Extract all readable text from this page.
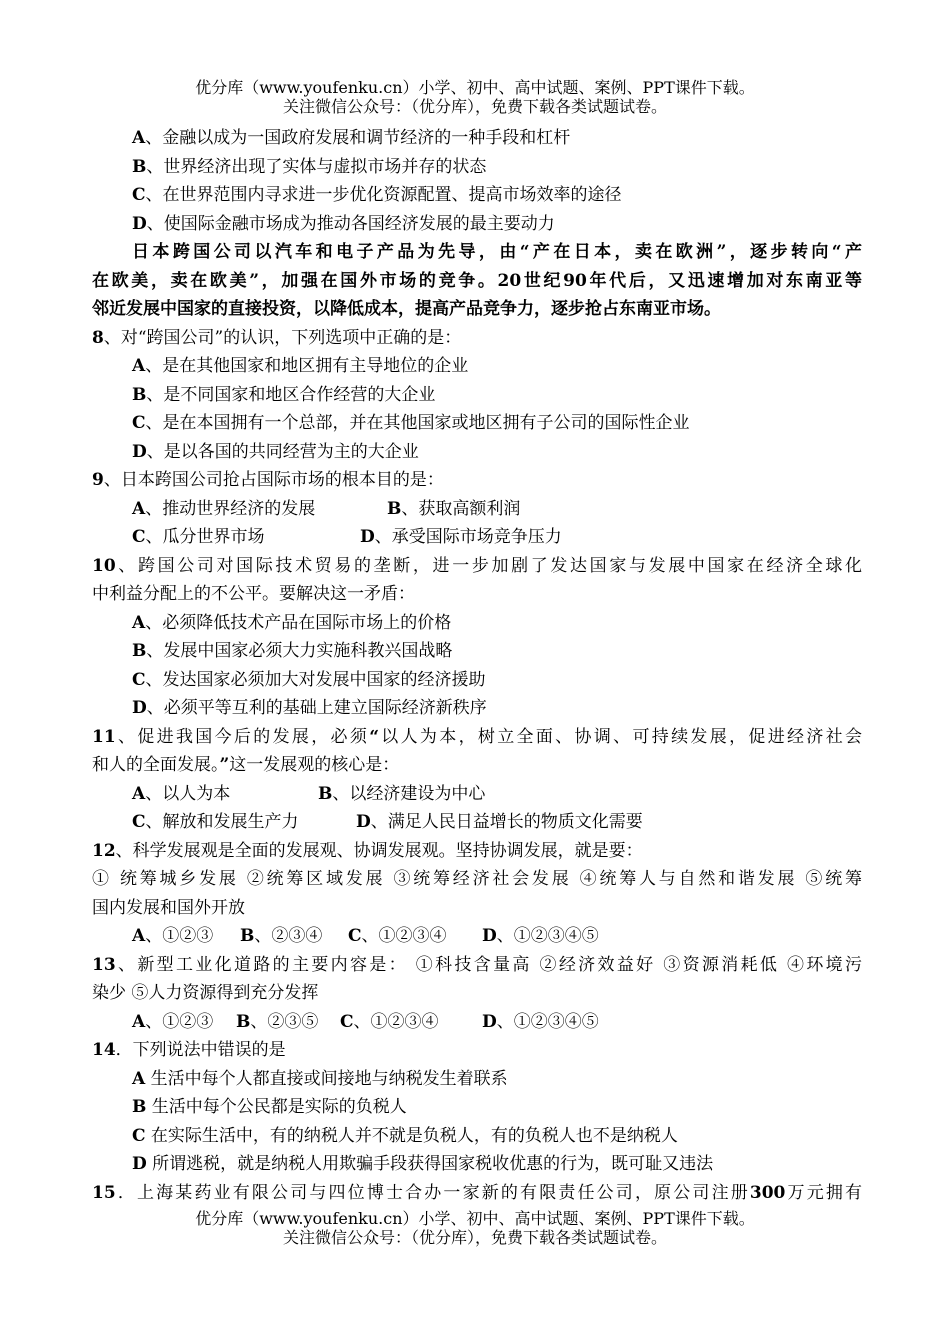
优分库（www.youfenku.cn）小学、初中、高中试题、案例、PPT课件下载。
关注微信公众号：（优分库），免费下载各类试题试卷。
A、金融以成为一国政府发展和调节经济的一种手段和杠杆
B、世界经济出现了实体与虚拟市场并存的状态
C、在世界范围内寻求进一步优化资源配置、提高市场效率的途径
D、使国际金融市场成为推动各国经济发展的最主要动力
日本跨国公司以汽车和电子产品为先导，由“产在日本，卖在欧洲”，逐步转向“产
在欧美，卖在欧美”，加强在国外市场的竞争。20世纪90年代后，又迅速增加对东南亚等
邻近发展中国家的直接投资，以降低成本，提高产品竞争力，逐步抢占东南亚市场。
8、对“跨国公司”的认识，下列选项中正确的是：
A、是在其他国家和地区拥有主导地位的企业
B、是不同国家和地区合作经营的大企业
C、是在本国拥有一个总部，并在其他国家或地区拥有子公司的国际性企业
D、是以各国的共同经营为主的大企业
9、日本跨国公司抢占国际市场的根本目的是：
A、推动世界经济的发展	B、获取高额利润
C、瓜分世界市场	D、承受国际市场竞争压力
10、跨国公司对国际技术贸易的垄断，进一步加剧了发达国家与发展中国家在经济全球化
中利益分配上的不公平。要解决这一矛盾：
A、必须降低技术产品在国际市场上的价格
B、发展中国家必须大力实施科教兴国战略
C、发达国家必须加大对发展中国家的经济援助
D、必须平等互利的基础上建立国际经济新秩序
11、促进我国今后的发展，必须“以人为本，树立全面、协调、可持续发展，促进经济社会
和人的全面发展。”这一发展观的核心是：
A、以人为本	B、以经济建设为中心
C、解放和发展生产力	D、满足人民日益增长的物质文化需要
12、科学发展观是全面的发展观、协调发展观。坚持协调发展，就是要：
① 统筹城乡发展 ②统筹区域发展 ③统筹经济社会发展 ④统筹人与自然和谐发展 ⑤统筹
国内发展和国外开放
A、①②③ B、②③④ C、①②③④ D、①②③④⑤
13、新型工业化道路的主要内容是： ①科技含量高 ②经济效益好 ③资源消耗低 ④环境污
染少 ⑤人力资源得到充分发挥
A、①②③ B、②③⑤ C、①②③④	D、①②③④⑤
14．下列说法中错误的是
A 生活中每个人都直接或间接地与纳税发生着联系
B 生活中每个公民都是实际的负税人
C 在实际生活中，有的纳税人并不就是负税人，有的负税人也不是纳税人
D 所谓逃税，就是纳税人用欺骗手段获得国家税收优惠的行为，既可耻又违法
15．上海某药业有限公司与四位博士合办一家新的有限责任公司，原公司注册300万元拥有
优分库（www.youfenku.cn）小学、初中、高中试题、案例、PPT课件下载。
关注微信公众号：（优分库），免费下载各类试题试卷。
